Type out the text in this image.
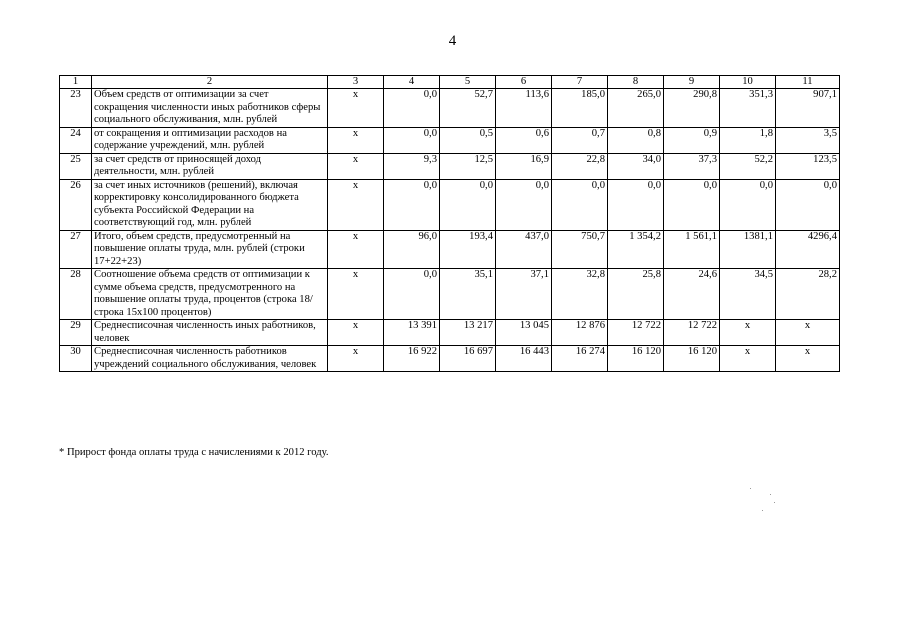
4
1	2	3	4	5	6	7	8	9	10	11
23	Объем средств от оптимизации за счет сокращения численности иных работников сферы социального обслуживания, млн. рублей	x	0,0	52,7	113,6	185,0	265,0	290,8	351,3	907,1
24	от сокращения и оптимизации расходов на содержание учреждений, млн. рублей	x	0,0	0,5	0,6	0,7	0,8	0,9	1,8	3,5
25	за счет средств от приносящей доход деятельности, млн. рублей	x	9,3	12,5	16,9	22,8	34,0	37,3	52,2	123,5
26	за счет иных источников (решений), включая корректировку консолидированного бюджета субъекта Российской Федерации на соответствующий год, млн. рублей	x	0,0	0,0	0,0	0,0	0,0	0,0	0,0	0,0
27	Итого, объем средств, предусмотренный на повышение оплаты труда, млн. рублей (строки 17+22+23)	x	96,0	193,4	437,0	750,7	1 354,2	1 561,1	1381,1	4296,4
28	Соотношение объема средств от оптимизации к сумме объема средств, предусмотренного на повышение оплаты труда, процентов (строка 18/строка 15x100 процентов)	x	0,0	35,1	37,1	32,8	25,8	24,6	34,5	28,2
29	Среднесписочная численность иных работников, человек	x	13 391	13 217	13 045	12 876	12 722	12 722	x	x
30	Среднесписочная численность работников учреждений социального обслуживания, человек	x	16 922	16 697	16 443	16 274	16 120	16 120	x	x
* Прирост фонда оплаты труда с начислениями к 2012 году.
